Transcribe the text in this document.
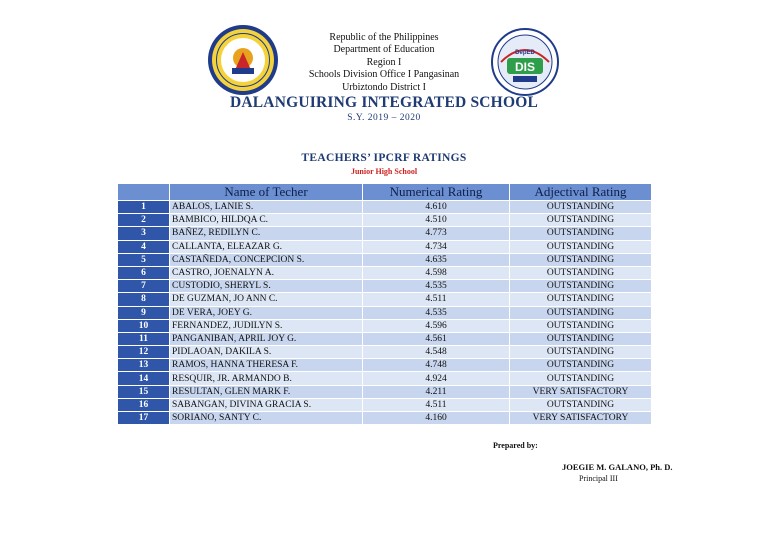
DIS
DepED
Republic of the Philippines
Department of Education
Region I
Schools Division Office I Pangasinan
Urbiztondo District I
DALANGUIRING INTEGRATED SCHOOL
S.Y. 2019 – 2020
TEACHERS’ IPCRF RATINGS
Junior High School
	Name of Techer	Numerical Rating	Adjectival Rating
1	ABALOS, LANIE S.	4.610	OUTSTANDING
2	BAMBICO, HILDQA C.	4.510	OUTSTANDING
3	BAÑEZ, REDILYN C.	4.773	OUTSTANDING
4	CALLANTA, ELEAZAR G.	4.734	OUTSTANDING
5	CASTAÑEDA, CONCEPCION S.	4.635	OUTSTANDING
6	CASTRO, JOENALYN A.	4.598	OUTSTANDING
7	CUSTODIO, SHERYL S.	4.535	OUTSTANDING
8	DE GUZMAN, JO ANN C.	4.511	OUTSTANDING
9	DE VERA, JOEY G.	4.535	OUTSTANDING
10	FERNANDEZ, JUDILYN S.	4.596	OUTSTANDING
11	PANGANIBAN, APRIL JOY G.	4.561	OUTSTANDING
12	PIDLAOAN, DAKILA S.	4.548	OUTSTANDING
13	RAMOS, HANNA THERESA F.	4.748	OUTSTANDING
14	RESQUIR, JR. ARMANDO B.	4.924	OUTSTANDING
15	RESULTAN, GLEN MARK F.	4.211	VERY SATISFACTORY
16	SABANGAN, DIVINA GRACIA S.	4.511	OUTSTANDING
17	SORIANO, SANTY C.	4.160	VERY SATISFACTORY
Prepared by:
JOEGIE M. GALANO, Ph. D.
Principal III
